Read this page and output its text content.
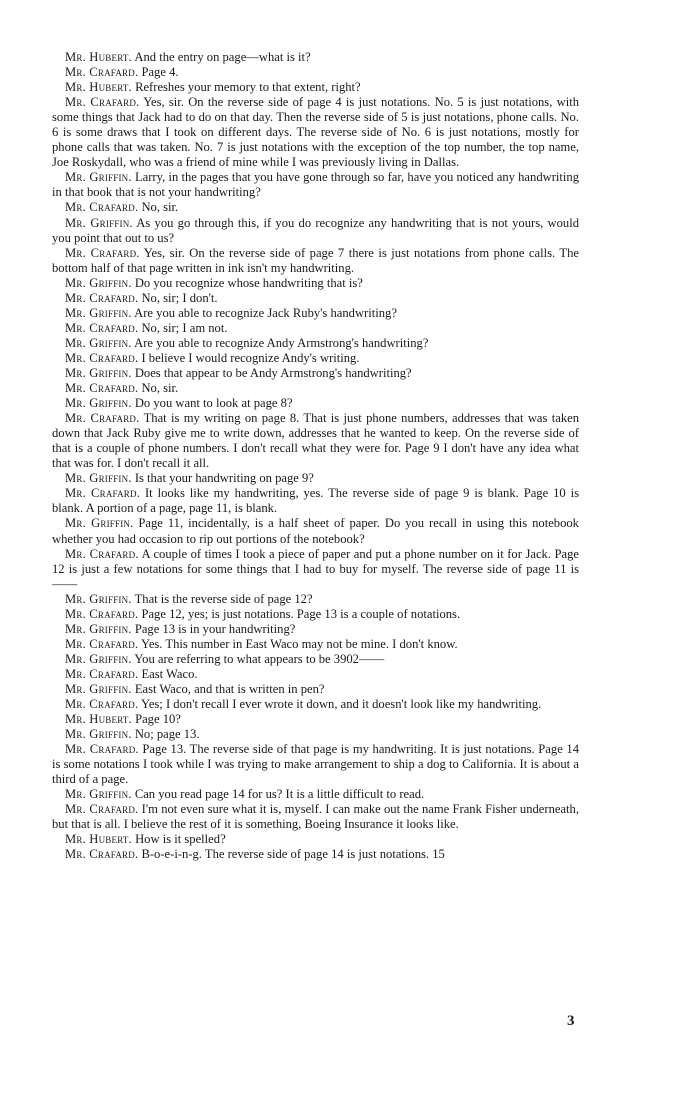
Mr. Hubert. And the entry on page—what is it?

Mr. Crafard. Page 4.

Mr. Hubert. Refreshes your memory to that extent, right?

Mr. Crafard. Yes, sir. On the reverse side of page 4 is just notations. No. 5 is just notations, with some things that Jack had to do on that day. Then the reverse side of 5 is just notations, phone calls. No. 6 is some draws that I took on different days. The reverse side of No. 6 is just notations, mostly for phone calls that was taken. No. 7 is just notations with the exception of the top number, the top name, Joe Roskydall, who was a friend of mine while I was previously living in Dallas.

Mr. Griffin. Larry, in the pages that you have gone through so far, have you noticed any handwriting in that book that is not your handwriting?

Mr. Crafard. No, sir.

Mr. Griffin. As you go through this, if you do recognize any handwriting that is not yours, would you point that out to us?

Mr. Crafard. Yes, sir. On the reverse side of page 7 there is just notations from phone calls. The bottom half of that page written in ink isn't my handwriting.

Mr. Griffin. Do you recognize whose handwriting that is?

Mr. Crafard. No, sir; I don't.

Mr. Griffin. Are you able to recognize Jack Ruby's handwriting?

Mr. Crafard. No, sir; I am not.

Mr. Griffin. Are you able to recognize Andy Armstrong's handwriting?

Mr. Crafard. I believe I would recognize Andy's writing.

Mr. Griffin. Does that appear to be Andy Armstrong's handwriting?

Mr. Crafard. No, sir.

Mr. Griffin. Do you want to look at page 8?

Mr. Crafard. That is my writing on page 8. That is just phone numbers, addresses that was taken down that Jack Ruby give me to write down, addresses that he wanted to keep. On the reverse side of that is a couple of phone numbers. I don't recall what they were for. Page 9 I don't have any idea what that was for. I don't recall it all.

Mr. Griffin. Is that your handwriting on page 9?

Mr. Crafard. It looks like my handwriting, yes. The reverse side of page 9 is blank. Page 10 is blank. A portion of a page, page 11, is blank.

Mr. Griffin. Page 11, incidentally, is a half sheet of paper. Do you recall in using this notebook whether you had occasion to rip out portions of the notebook?

Mr. Crafard. A couple of times I took a piece of paper and put a phone number on it for Jack. Page 12 is just a few notations for some things that I had to buy for myself. The reverse side of page 11 is——

Mr. Griffin. That is the reverse side of page 12?

Mr. Crafard. Page 12, yes; is just notations. Page 13 is a couple of notations.

Mr. Griffin. Page 13 is in your handwriting?

Mr. Crafard. Yes. This number in East Waco may not be mine. I don't know.

Mr. Griffin. You are referring to what appears to be 3902——

Mr. Crafard. East Waco.

Mr. Griffin. East Waco, and that is written in pen?

Mr. Crafard. Yes; I don't recall I ever wrote it down, and it doesn't look like my handwriting.

Mr. Hubert. Page 10?

Mr. Griffin. No; page 13.

Mr. Crafard. Page 13. The reverse side of that page is my handwriting. It is just notations. Page 14 is some notations I took while I was trying to make arrangement to ship a dog to California. It is about a third of a page.

Mr. Griffin. Can you read page 14 for us? It is a little difficult to read.

Mr. Crafard. I'm not even sure what it is, myself. I can make out the name Frank Fisher underneath, but that is all. I believe the rest of it is something, Boeing Insurance it looks like.

Mr. Hubert. How is it spelled?

Mr. Crafard. B-o-e-i-n-g. The reverse side of page 14 is just notations. 15

3
